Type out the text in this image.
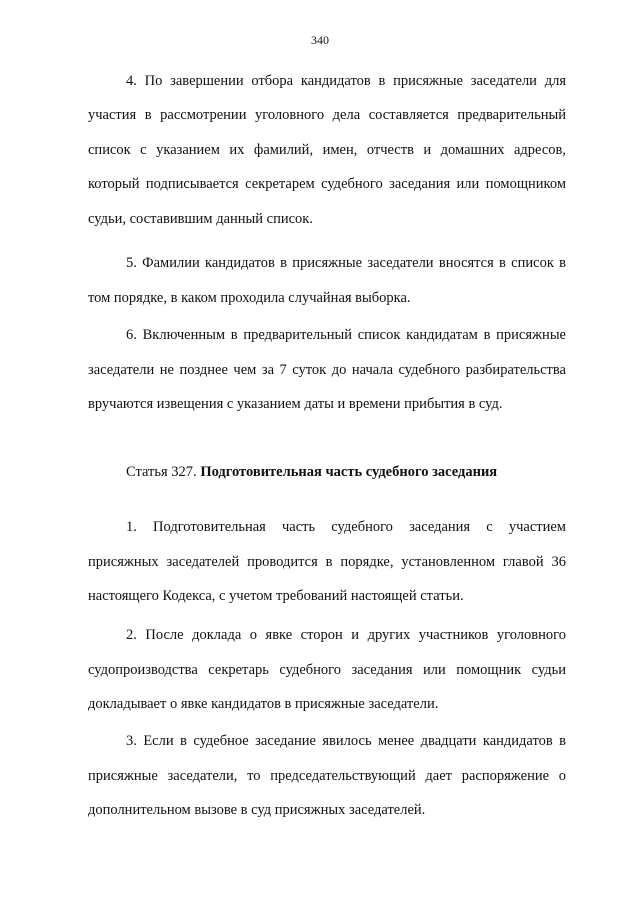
340

4. По завершении отбора кандидатов в присяжные заседатели для

участия в рассмотрении уголовного дела составляется предварительный

список с указанием их фамилий, имен, отчеств и домашних адресов,

который подписывается секретарем судебного заседания или помощником

судьи, составившим данный список.

5. Фамилии кандидатов в присяжные заседатели вносятся в список в

том порядке, в каком проходила случайная выборка.

6. Включенным в предварительный список кандидатам в присяжные

заседатели не позднее чем за 7 суток до начала судебного разбирательства

вручаются извещения с указанием даты и времени прибытия в суд.

Статья 327. Подготовительная часть судебного заседания

1. Подготовительная часть судебного заседания с участием

присяжных заседателей проводится в порядке, установленном главой 36

настоящего Кодекса, с учетом требований настоящей статьи.

2. После доклада о явке сторон и других участников уголовного

судопроизводства секретарь судебного заседания или помощник судьи

докладывает о явке кандидатов в присяжные заседатели.

3. Если в судебное заседание явилось менее двадцати кандидатов в

присяжные заседатели, то председательствующий дает распоряжение о

дополнительном вызове в суд присяжных заседателей.
